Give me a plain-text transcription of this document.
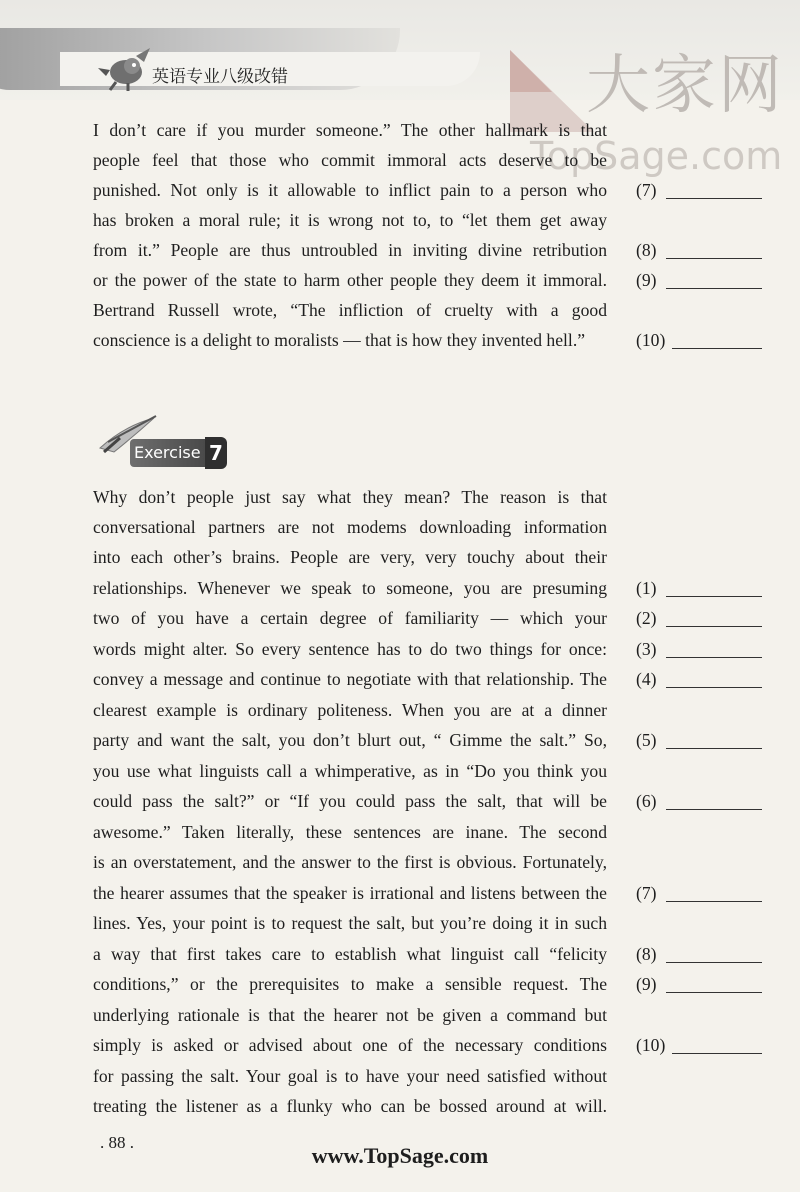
英语专业八级改错	大家网
TopSage.com
I don’t care if you murder someone.” The other hallmark is that
people feel that those who commit immoral acts deserve to be
punished. Not only is it allowable to inflict pain to a person who
has broken a moral rule; it is wrong not to, to “let them get away
from it.” People are thus untroubled in inviting divine retribution
or the power of the state to harm other people they deem it immoral.
Bertrand Russell wrote, “The infliction of cruelty with a good
conscience is a delight to moralists — that is how they invented hell.”
(7)
(8)
(9)
(10)
Exercise 7
Why don’t people just say what they mean? The reason is that
conversational partners are not modems downloading information
into each other’s brains. People are very, very touchy about their
relationships. Whenever we speak to someone, you are presuming
two of you have a certain degree of familiarity — which your
words might alter. So every sentence has to do two things for once:
convey a message and continue to negotiate with that relationship. The
clearest example is ordinary politeness. When you are at a dinner
party and want the salt, you don’t blurt out, “ Gimme the salt.” So,
you use what linguists call a whimperative, as in “Do you think you
could pass the salt?” or “If you could pass the salt, that will be
awesome.” Taken literally, these sentences are inane. The second
is an overstatement, and the answer to the first is obvious. Fortunately,
the hearer assumes that the speaker is irrational and listens between the
lines. Yes, your point is to request the salt, but you’re doing it in such
a way that first takes care to establish what linguist call “felicity
conditions,” or the prerequisites to make a sensible request. The
underlying rationale is that the hearer not be given a command but
simply is asked or advised about one of the necessary conditions
for passing the salt. Your goal is to have your need satisfied without
treating the listener as a flunky who can be bossed around at will.
(1)
(2)
(3)
(4)
(5)
(6)
(7)
(8)
(9)
(10)
. 88 .
www.TopSage.com
